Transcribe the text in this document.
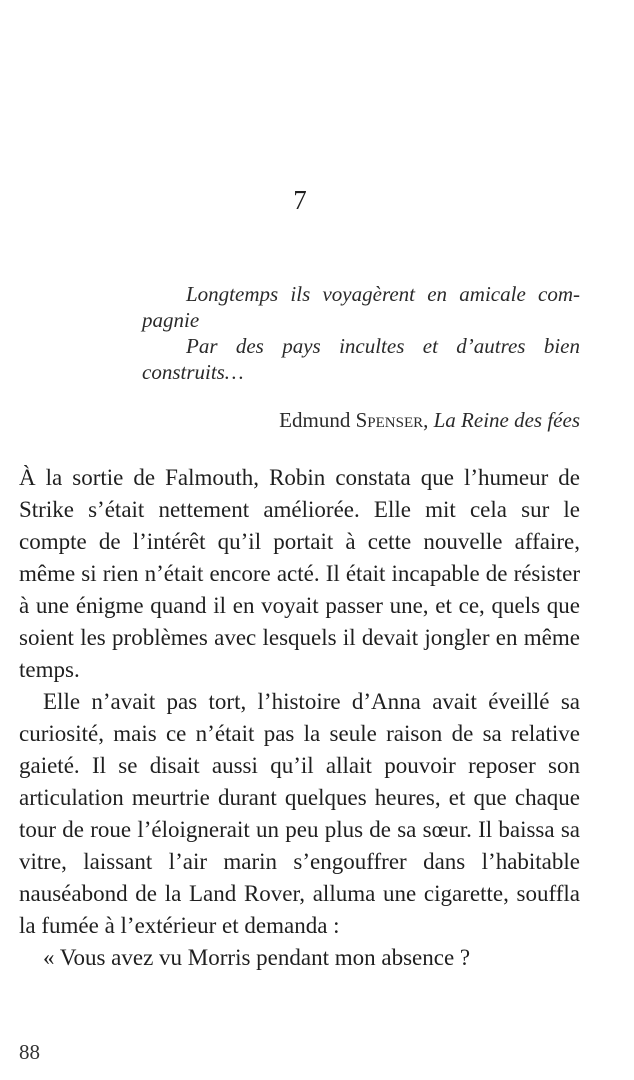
7

Longtemps ils voyagèrent en amicale compagnie

Par des pays incultes et d’autres bien construits…

Edmund Spenser, La Reine des fées

À la sortie de Falmouth, Robin constata que l’humeur de Strike s’était nettement améliorée. Elle mit cela sur le compte de l’intérêt qu’il portait à cette nouvelle affaire, même si rien n’était encore acté. Il était incapable de résister à une énigme quand il en voyait passer une, et ce, quels que soient les problèmes avec lesquels il devait jongler en même temps.

Elle n’avait pas tort, l’histoire d’Anna avait éveillé sa curiosité, mais ce n’était pas la seule raison de sa relative gaieté. Il se disait aussi qu’il allait pouvoir reposer son articulation meurtrie durant quelques heures, et que chaque tour de roue l’éloignerait un peu plus de sa sœur. Il baissa sa vitre, laissant l’air marin s’engouffrer dans l’habitable nauséabond de la Land Rover, alluma une cigarette, souffla la fumée à l’extérieur et demanda :

« Vous avez vu Morris pendant mon absence ?

88
